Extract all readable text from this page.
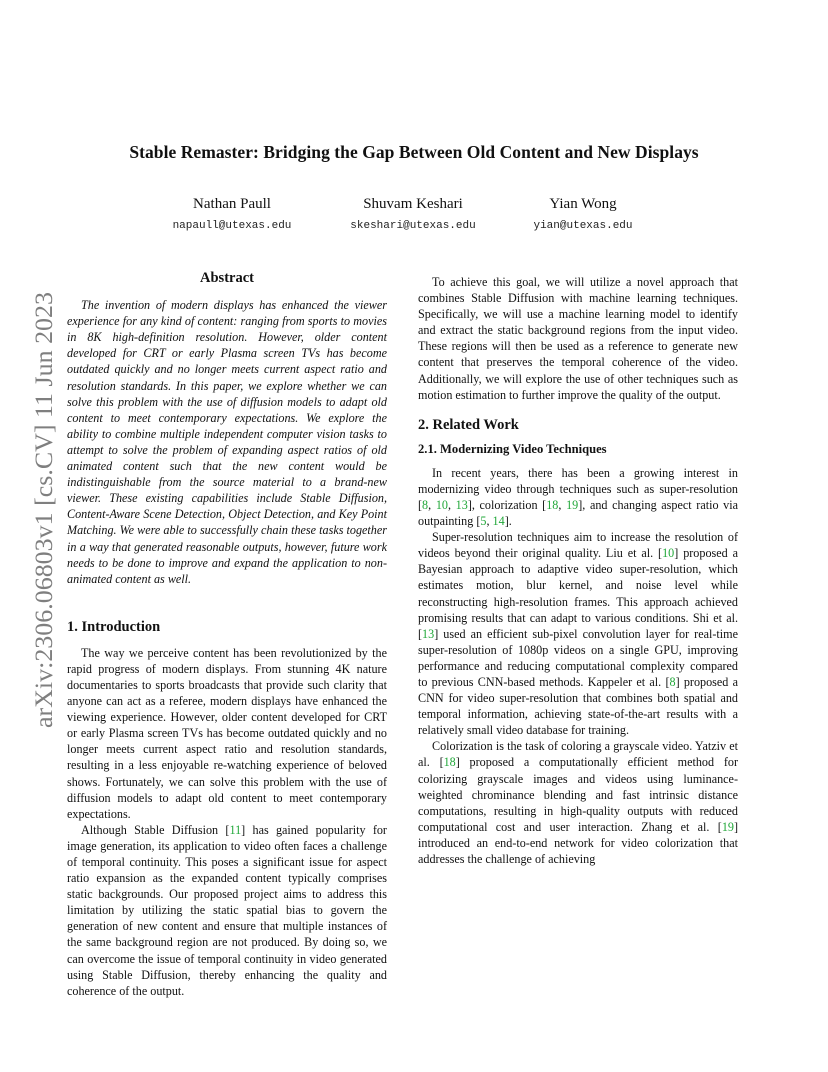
arXiv:2306.06803v1 [cs.CV] 11 Jun 2023
Stable Remaster: Bridging the Gap Between Old Content and New Displays
Nathan Paull
napaull@utexas.edu
Shuvam Keshari
skeshari@utexas.edu
Yian Wong
yian@utexas.edu
Abstract

The invention of modern displays has enhanced the viewer experience for any kind of content: ranging from sports to movies in 8K high-definition resolution. However, older content developed for CRT or early Plasma screen TVs has become outdated quickly and no longer meets current aspect ratio and resolution standards. In this paper, we explore whether we can solve this problem with the use of diffusion models to adapt old content to meet contemporary expectations. We explore the ability to combine multiple independent computer vision tasks to attempt to solve the problem of expanding aspect ratios of old animated content such that the new content would be indistinguishable from the source material to a brand-new viewer. These existing capabilities include Stable Diffusion, Content-Aware Scene Detection, Object Detection, and Key Point Matching. We were able to successfully chain these tasks together in a way that generated reasonable outputs, however, future work needs to be done to improve and expand the application to non-animated content as well.

1. Introduction

The way we perceive content has been revolutionized by the rapid progress of modern displays. From stunning 4K nature documentaries to sports broadcasts that provide such clarity that anyone can act as a referee, modern displays have enhanced the viewing experience. However, older content developed for CRT or early Plasma screen TVs has become outdated quickly and no longer meets current aspect ratio and resolution standards, resulting in a less enjoyable re-watching experience of beloved shows. Fortunately, we can solve this problem with the use of diffusion models to adapt old content to meet contemporary expectations.

Although Stable Diffusion [11] has gained popularity for image generation, its application to video often faces a challenge of temporal continuity. This poses a significant issue for aspect ratio expansion as the expanded content typically comprises static backgrounds. Our proposed project aims to address this limitation by utilizing the static spatial bias to govern the generation of new content and ensure that multiple instances of the same background region are not produced. By doing so, we can overcome the issue of temporal continuity in video generated using Stable Diffusion, thereby enhancing the quality and coherence of the output.

To achieve this goal, we will utilize a novel approach that combines Stable Diffusion with machine learning techniques. Specifically, we will use a machine learning model to identify and extract the static background regions from the input video. These regions will then be used as a reference to generate new content that preserves the temporal coherence of the video. Additionally, we will explore the use of other techniques such as motion estimation to further improve the quality of the output.

2. Related Work
2.1. Modernizing Video Techniques

In recent years, there has been a growing interest in modernizing video through techniques such as super-resolution [8, 10, 13], colorization [18, 19], and changing aspect ratio via outpainting [5, 14].

Super-resolution techniques aim to increase the resolution of videos beyond their original quality. Liu et al. [10] proposed a Bayesian approach to adaptive video super-resolution, which estimates motion, blur kernel, and noise level while reconstructing high-resolution frames. This approach achieved promising results that can adapt to various conditions. Shi et al. [13] used an efficient sub-pixel convolution layer for real-time super-resolution of 1080p videos on a single GPU, improving performance and reducing computational complexity compared to previous CNN-based methods. Kappeler et al. [8] proposed a CNN for video super-resolution that combines both spatial and temporal information, achieving state-of-the-art results with a relatively small video database for training.

Colorization is the task of coloring a grayscale video. Yatziv et al. [18] proposed a computationally efficient method for colorizing grayscale images and videos using luminance-weighted chrominance blending and fast intrinsic distance computations, resulting in high-quality outputs with reduced computational cost and user interaction. Zhang et al. [19] introduced an end-to-end network for video colorization that addresses the challenge of achieving
